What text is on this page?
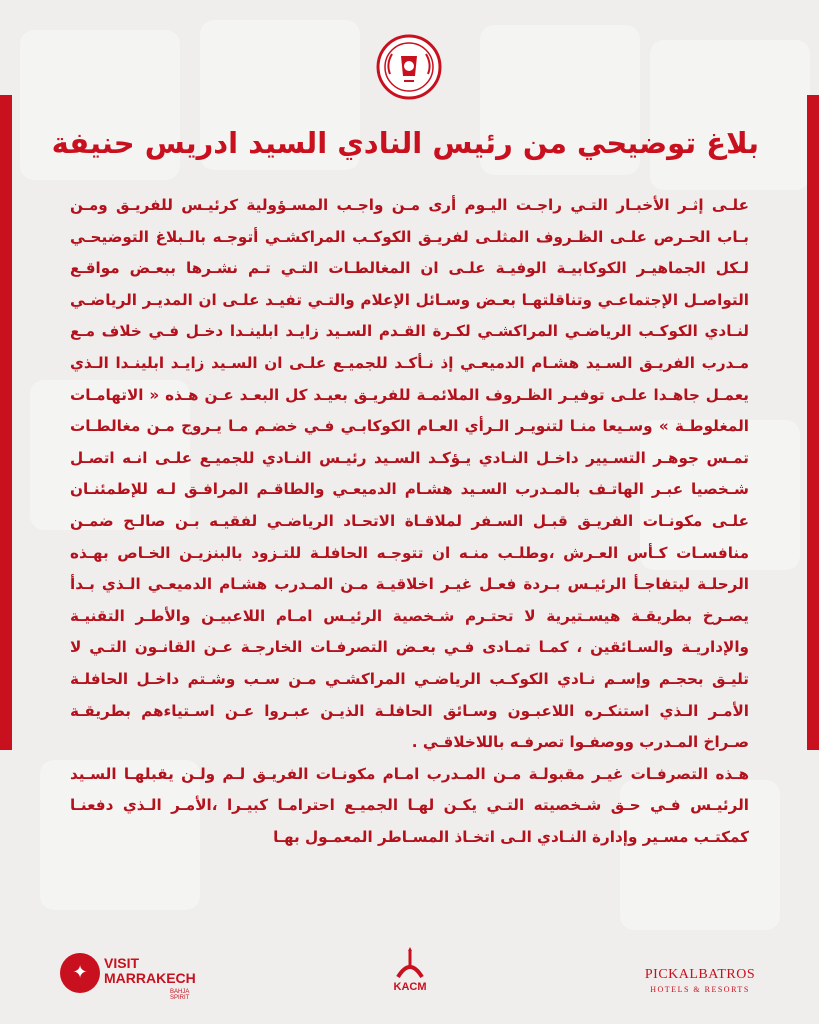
بلاغ توضيحي من رئيس النادي السيد ادريس حنيفة

علـى إثـر الأخبـار التـي راجـت اليـوم أرى مـن واجـب المسـؤولية كرئيـس للفريـق ومـن بـاب الحـرص علـى الظـروف المثلـى لفريـق الكوكـب المراكشـي أتوجـه بالـبلاغ التوضيحـي لـكل الجماهيـر الكوكابيـة الوفيـة علـى ان المغالطـات التـي تـم نشـرها ببعـض مواقـع التواصـل الإجتماعـي وتناقلتهـا بعـض وسـائل الإعلام والتـي تفيـد علـى ان المديـر الرياضـي لنـادي الكوكـب الرياضـي المراكشـي لكـرة القـدم السـيد زايـد ابلينـدا دخـل فـي خلاف مـع مـدرب الفريـق السـيد هشـام الدميعـي إذ نـأكـد للجميـع علـى ان السـيد زايـد ابلينـدا الـذي يعمـل جاهـدا علـى توفيـر الظـروف الملائمـة للفريـق بعيـد كل البعـد عـن هـذه « الاتهامـات المغلوطـة » وسـيعا منـا لتنويـر الـرأي العـام الكوكابـي فـي خضـم مـا يـروج مـن مغالطـات تمـس جوهـر التسـيير داخـل النـادي يـؤكـد السـيد رئيـس النـادي للجميـع علـى انـه اتصـل شـخصيا عبـر الهاتـف بالمـدرب السـيد هشـام الدميعـي والطاقـم المرافـق لـه للإطمئنـان علـى مكونـات الفريـق قبـل السـفر لملاقـاة الاتحـاد الرياضـي لفقيـه بـن صالـح ضمـن منافسـات كـأس العـرش ،وطلـب منـه ان تتوجـه الحافلـة للتـزود بالبنزيـن الخـاص بهـذه الرحلـة ليتفاجـأ الرئيـس بـردة فعـل غيـر اخلاقيـة مـن المـدرب هشـام الدميعـي الـذي بـدأ يصـرخ بطريقـة هيسـتيرية لا تحتـرم شـخصية الرئيـس امـام اللاعبيـن والأطـر التقنيـة والإداريـة والسـائقين ، كمـا تمـادى فـي بعـض التصرفـات الخارجـة عـن القانـون التـي لا تليـق بحجـم وإسـم نـادي الكوكـب الرياضـي المراكشـي مـن سـب وشـتم داخـل الحافلـة الأمـر الـذي استنكـره اللاعبـون وسـائق الحافلـة الذيـن عبـروا عـن اسـتياءهم بطريقـة صـراخ المـدرب ووصفـوا تصرفـه باللاخلاقـي .

هـذه التصرفـات غيـر مقبولـة مـن المـدرب امـام مكونـات الفريـق لـم ولـن يقبلهـا السـيد الرئيـس فـي حـق شـخصيته التـي يكـن لهـا الجميـع احترامـا كبيـرا ،الأمـر الـذي دفعنـا كمكتـب مسـير وإدارة النـادي الـى اتخـاذ المسـاطر المعمـول بهـا

✦	VISIT
MARRAKECH
BAHJA SPIRIT
KACM
PICKALBATROS
HOTELS & RESORTS
